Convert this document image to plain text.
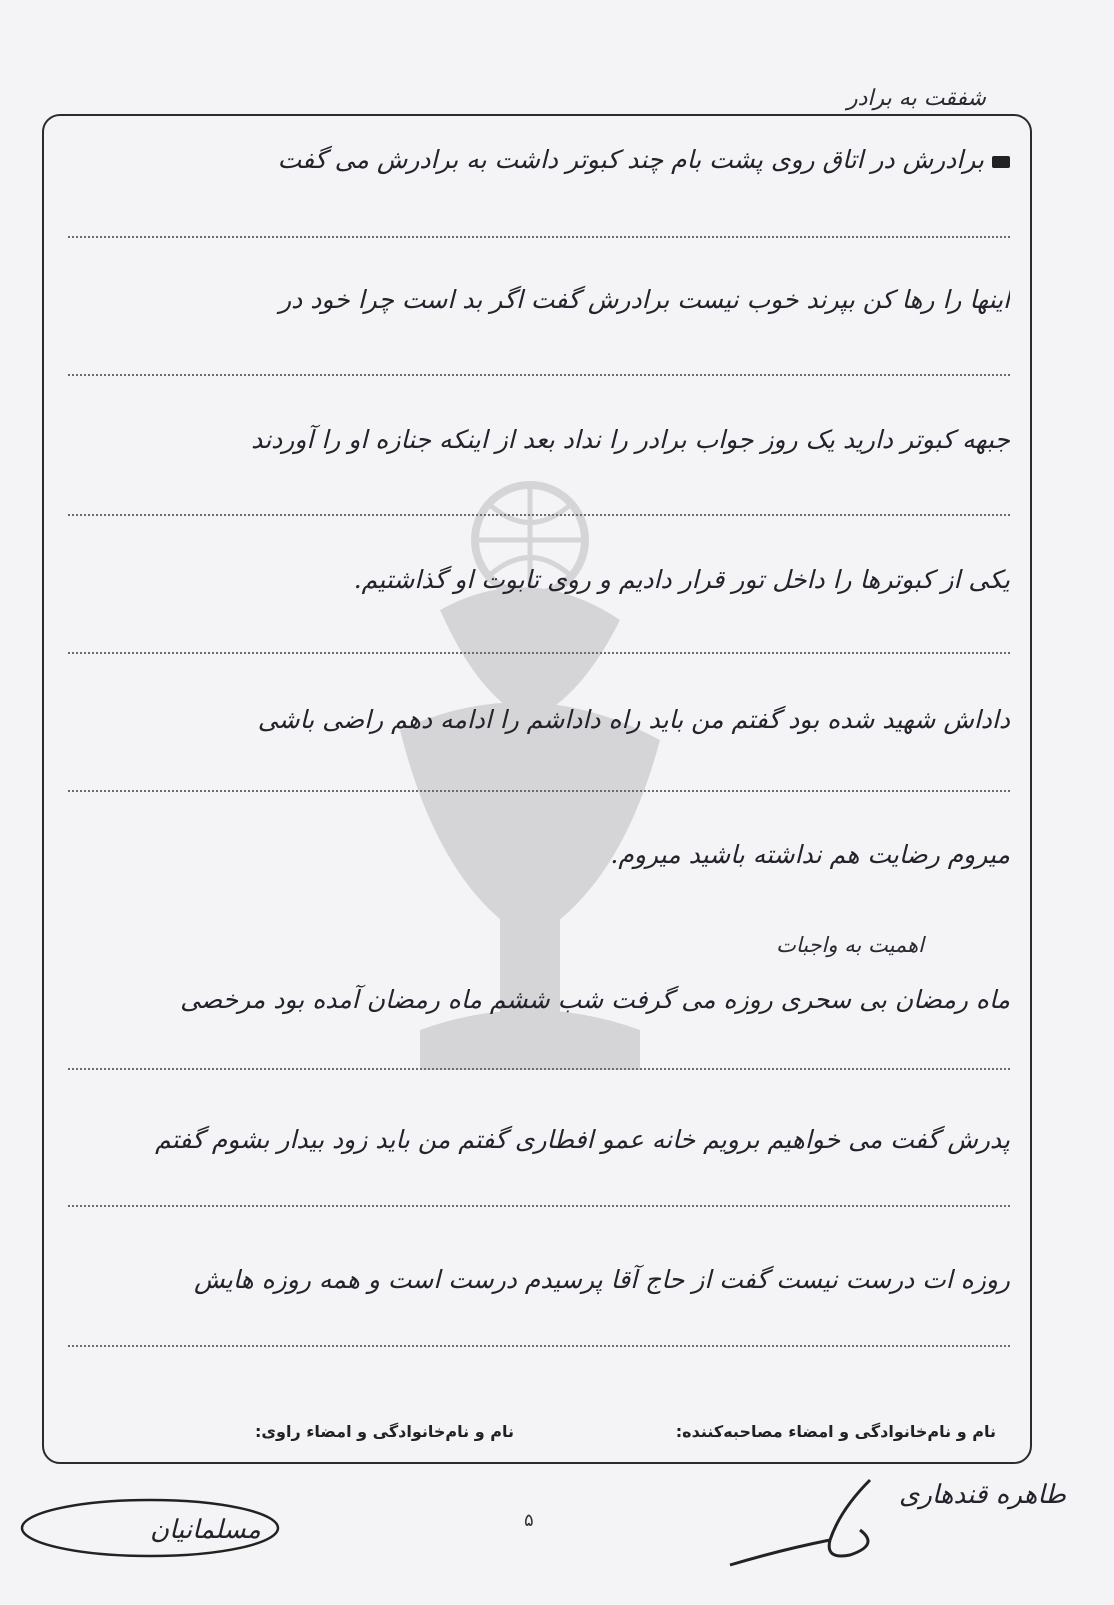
شفقت به برادر
برادرش در اتاق روی پشت بام چند کبوتر داشت به برادرش می گفت
اینها را رها کن بپرند خوب نیست برادرش گفت اگر بد است چرا خود در
جبهه کبوتر دارید یک روز جواب برادر را نداد بعد از اینکه جنازه او را آوردند
یکی از کبوترها را داخل تور قرار دادیم و روی تابوت او گذاشتیم.
داداش شهید شده بود گفتم من باید راه داداشم را ادامه دهم راضی باشی
میروم رضایت هم نداشته باشید میروم.
اهمیت به واجبات
ماه رمضان بی سحری روزه می گرفت شب ششم ماه رمضان آمده بود مرخصی
پدرش گفت می خواهیم برویم خانه عمو افطاری گفتم من باید زود بیدار بشوم گفتم
روزه ات درست نیست گفت از حاج آقا پرسیدم درست است و همه روزه هایش
نام و نام‌خانوادگی و امضاء مصاحبه‌کننده:
نام و نام‌خانوادگی و امضاء راوی:
۵
طاهره قندهاری
مسلمانیان
